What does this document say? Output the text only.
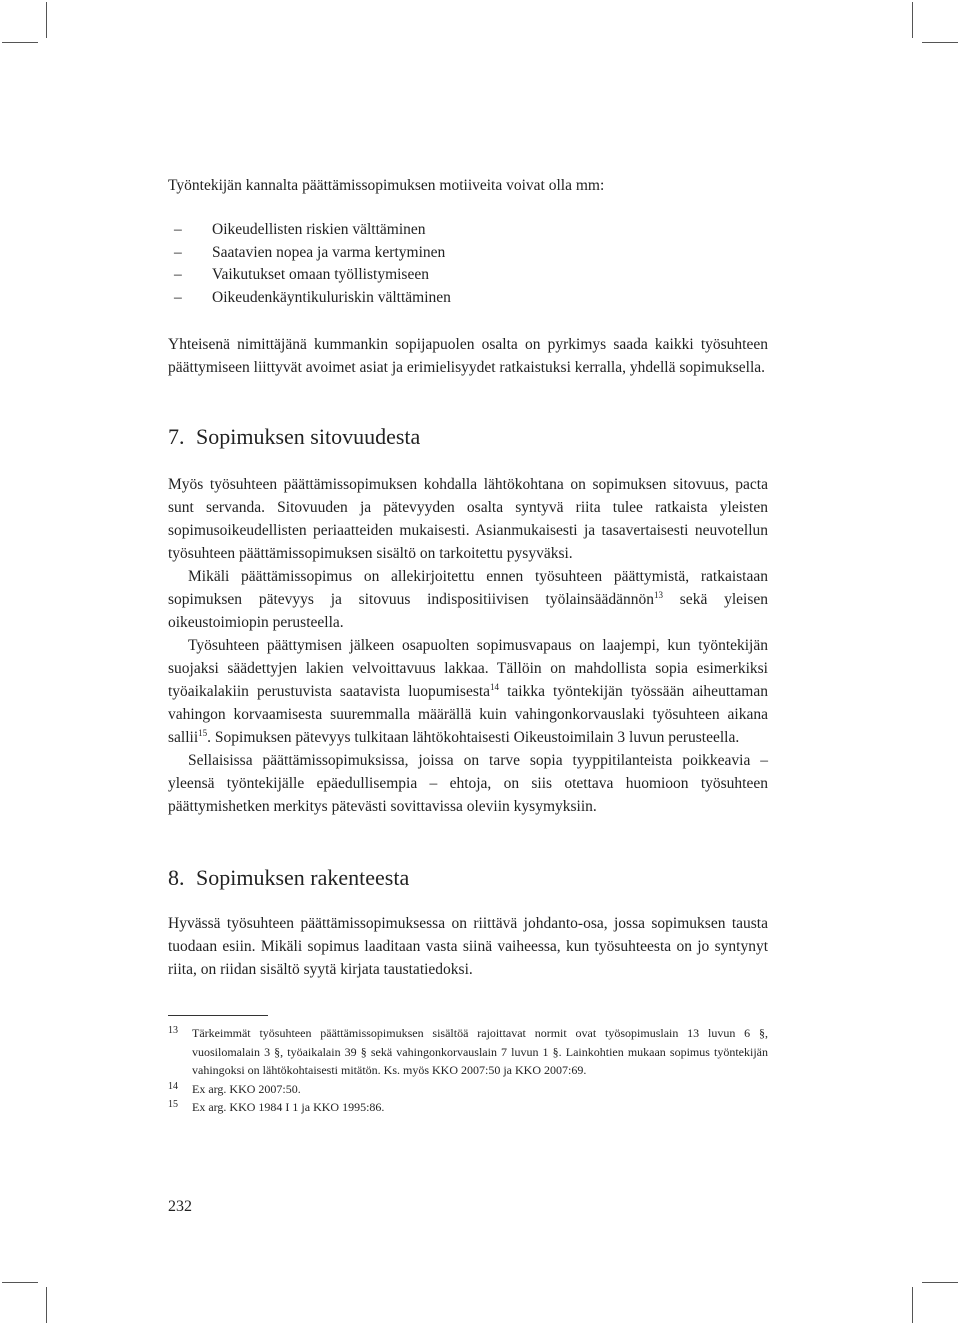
Työntekijän kannalta päättämissopimuksen motiiveita voivat olla mm:

– Oikeudellisten riskien välttäminen
– Saatavien nopea ja varma kertyminen
– Vaikutukset omaan työllistymiseen
– Oikeudenkäyntikuluriskin välttäminen

Yhteisenä nimittäjänä kummankin sopijapuolen osalta on pyrkimys saada kaikki työsuhteen päättymiseen liittyvät avoimet asiat ja erimielisyydet ratkaistuksi kerralla, yhdellä sopimuksella.

7. Sopimuksen sitovuudesta

Myös työsuhteen päättämissopimuksen kohdalla lähtökohtana on sopimuksen sitovuus, pacta sunt servanda. Sitovuuden ja pätevyyden osalta syntyvä riita tulee ratkaista yleisten sopimusoikeudellisten periaatteiden mukaisesti. Asianmukaisesti ja tasavertaisesti neuvotellun työsuhteen päättämissopimuksen sisältö on tarkoitettu pysyväksi.

Mikäli päättämissopimus on allekirjoitettu ennen työsuhteen päättymistä, ratkaistaan sopimuksen pätevyys ja sitovuus indispositiivisen työlainsäädännön$^{13}$ sekä yleisen oikeustoimiopin perusteella.

Työsuhteen päättymisen jälkeen osapuolten sopimusvapaus on laajempi, kun työntekijän suojaksi säädettyjen lakien velvoittavuus lakkaa. Tällöin on mahdollista sopia esimerkiksi työaikalakiin perustuvista saatavista luopumisesta$^{14}$ taikka työntekijän työssään aiheuttaman vahingon korvaamisesta suuremmalla määrällä kuin vahingonkorvauslaki työsuhteen aikana sallii$^{15}$. Sopimuksen pätevyys tulkitaan lähtökohtaisesti Oikeustoimilain 3 luvun perusteella.

Sellaisissa päättämissopimuksissa, joissa on tarve sopia tyyppitilanteista poikkeavia – yleensä työntekijälle epäedullisempia – ehtoja, on siis otettava huomioon työsuhteen päättymishetken merkitys pätevästi sovittavissa oleviin kysymyksiin.

8. Sopimuksen rakenteesta

Hyvässä työsuhteen päättämissopimuksessa on riittävä johdanto-osa, jossa sopimuksen tausta tuodaan esiin. Mikäli sopimus laaditaan vasta siinä vaiheessa, kun työsuhteesta on jo syntynyt riita, on riidan sisältö syytä kirjata taustatiedoksi.

13 Tärkeimmät työsuhteen päättämissopimuksen sisältöä rajoittavat normit ovat työsopimuslain 13 luvun 6 §, vuosilomalain 3 §, työaikalain 39 § sekä vahingonkorvauslain 7 luvun 1 §. Lainkohtien mukaan sopimus työntekijän vahingoksi on lähtökohtaisesti mitätön. Ks. myös KKO 2007:50 ja KKO 2007:69.
14 Ex arg. KKO 2007:50.
15 Ex arg. KKO 1984 I 1 ja KKO 1995:86.
232
